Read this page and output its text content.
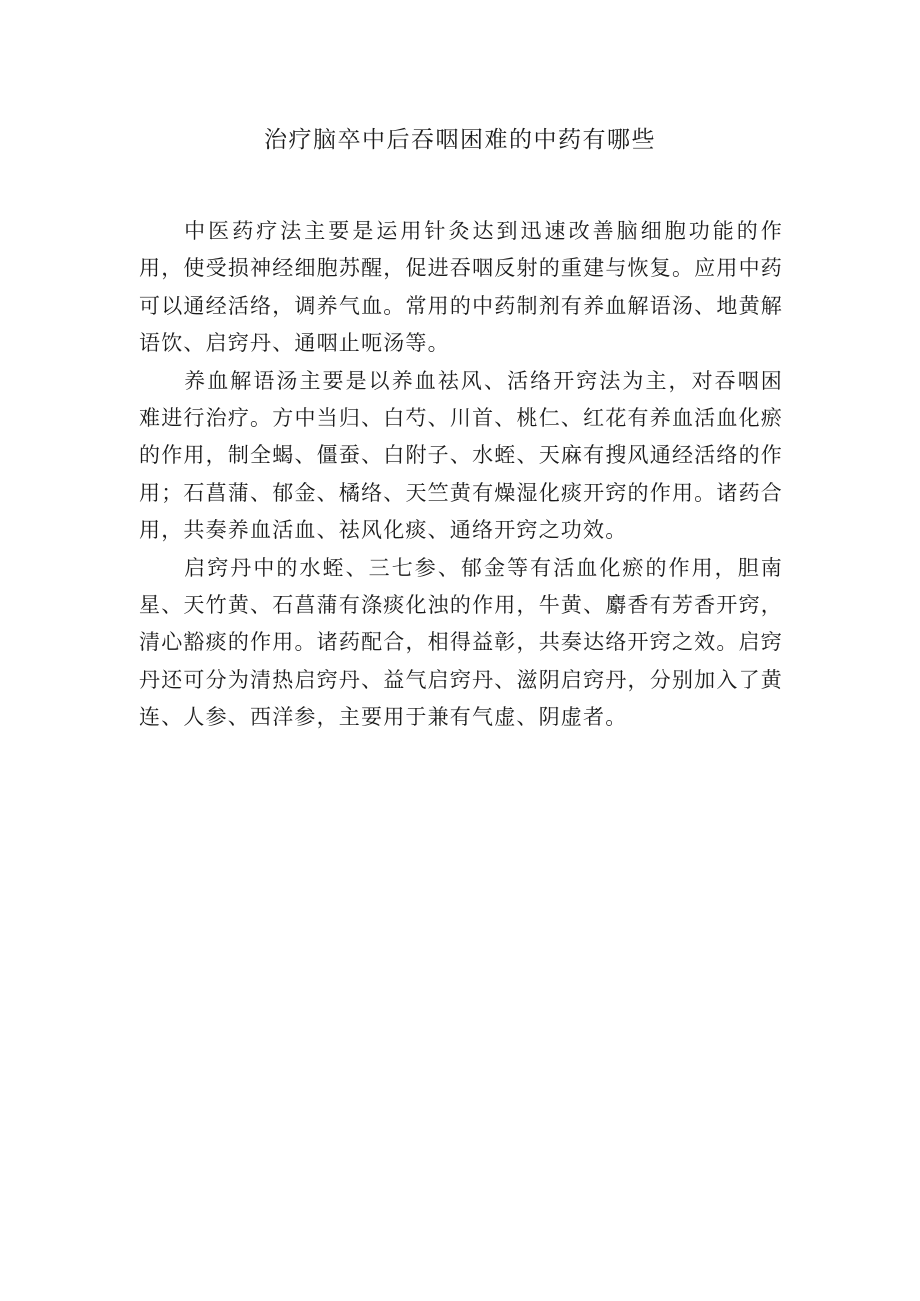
治疗脑卒中后吞咽困难的中药有哪些

中医药疗法主要是运用针灸达到迅速改善脑细胞功能的作用，使受损神经细胞苏醒，促进吞咽反射的重建与恢复。应用中药可以通经活络，调养气血。常用的中药制剂有养血解语汤、地黄解语饮、启窍丹、通咽止呃汤等。

养血解语汤主要是以养血祛风、活络开窍法为主，对吞咽困难进行治疗。方中当归、白芍、川首、桃仁、红花有养血活血化瘀的作用，制全蝎、僵蚕、白附子、水蛭、天麻有搜风通经活络的作用；石菖蒲、郁金、橘络、天竺黄有燥湿化痰开窍的作用。诸药合用，共奏养血活血、祛风化痰、通络开窍之功效。

启窍丹中的水蛭、三七参、郁金等有活血化瘀的作用，胆南星、天竹黄、石菖蒲有涤痰化浊的作用，牛黄、麝香有芳香开窍，清心豁痰的作用。诸药配合，相得益彰，共奏达络开窍之效。启窍丹还可分为清热启窍丹、益气启窍丹、滋阴启窍丹，分别加入了黄连、人参、西洋参，主要用于兼有气虚、阴虚者。
